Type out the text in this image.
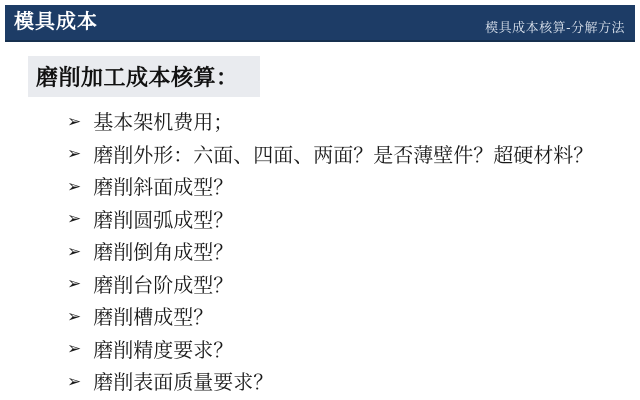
模具成本	模具成本核算-分解方法
磨削加工成本核算：
➢ 基本架机费用；
➢ 磨削外形：六面、四面、两面？是否薄壁件？超硬材料？
➢ 磨削斜面成型？
➢ 磨削圆弧成型？
➢ 磨削倒角成型？
➢ 磨削台阶成型？
➢ 磨削槽成型？
➢ 磨削精度要求？
➢ 磨削表面质量要求？
